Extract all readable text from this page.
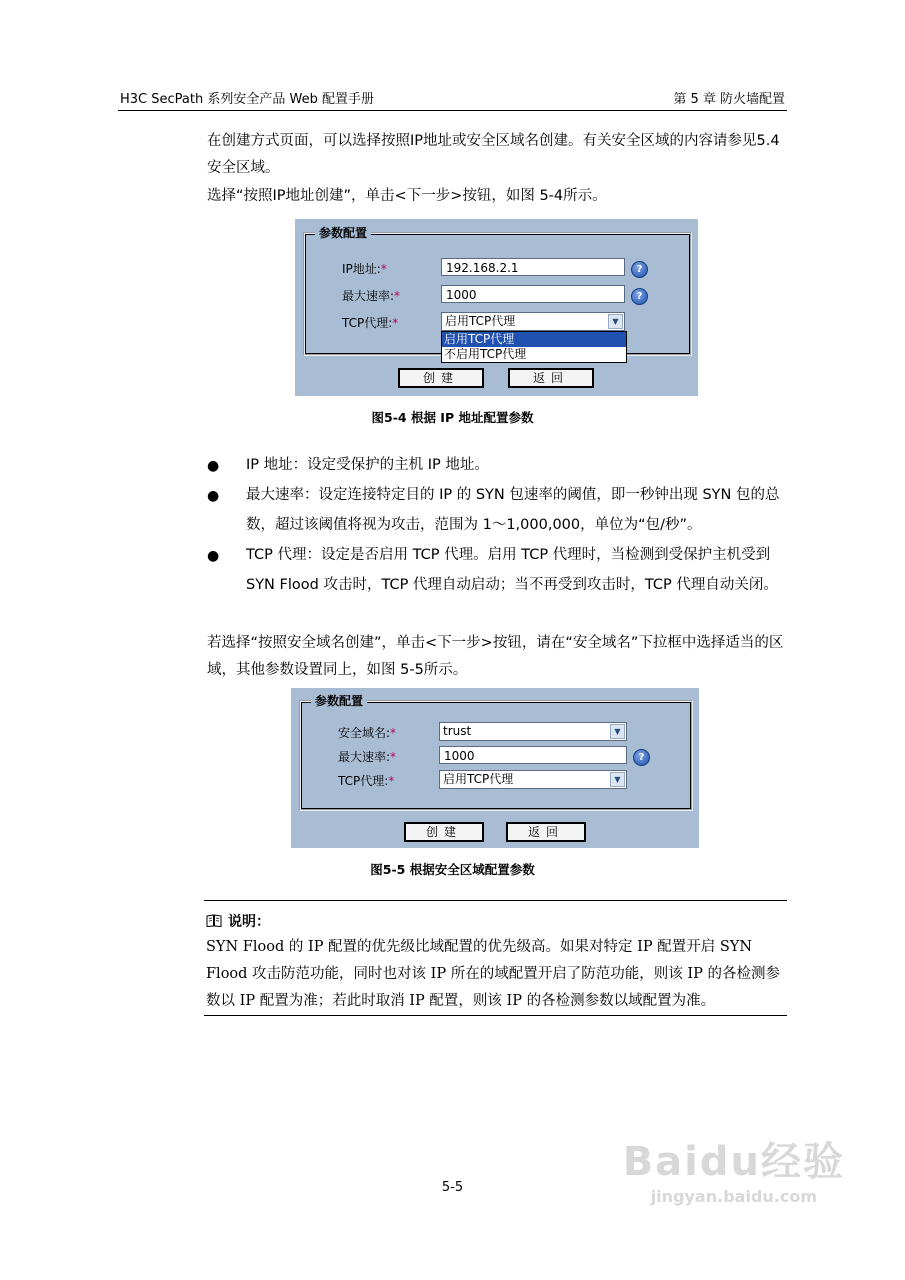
H3C SecPath 系列安全产品 Web 配置手册	第 5 章 防火墙配置
在创建方式页面，可以选择按照IP地址或安全区域名创建。有关安全区域的内容请参见5.4 安全区域。
选择“按照IP地址创建”，单击<下一步>按钮，如图 5-4所示。
参数配置
IP地址:*	192.168.2.1	?
最大速率:*	1000	?
TCP代理:*	启用TCP代理	▼
启用TCP代理
不启用TCP代理
创建	返回
图5-4 根据 IP 地址配置参数
● IP 地址：设定受保护的主机 IP 地址。
● 最大速率：设定连接特定目的 IP 的 SYN 包速率的阈值，即一秒钟出现 SYN 包的总数，超过该阈值将视为攻击，范围为 1～1,000,000，单位为“包/秒”。
● TCP 代理：设定是否启用 TCP 代理。启用 TCP 代理时，当检测到受保护主机受到 SYN Flood 攻击时，TCP 代理自动启动；当不再受到攻击时，TCP 代理自动关闭。
若选择“按照安全域名创建”，单击<下一步>按钮，请在“安全域名”下拉框中选择适当的区域，其他参数设置同上，如图 5-5所示。
参数配置
安全域名:*	trust	▼
最大速率:*	1000	?
TCP代理:*	启用TCP代理	▼
创建	返回
图5-5 根据安全区域配置参数
说明：
SYN Flood 的 IP 配置的优先级比域配置的优先级高。如果对特定 IP 配置开启 SYN Flood 攻击防范功能，同时也对该 IP 所在的域配置开启了防范功能，则该 IP 的各检测参数以 IP 配置为准；若此时取消 IP 配置，则该 IP 的各检测参数以域配置为准。
5-5
Baidu经验
jingyan.baidu.com
